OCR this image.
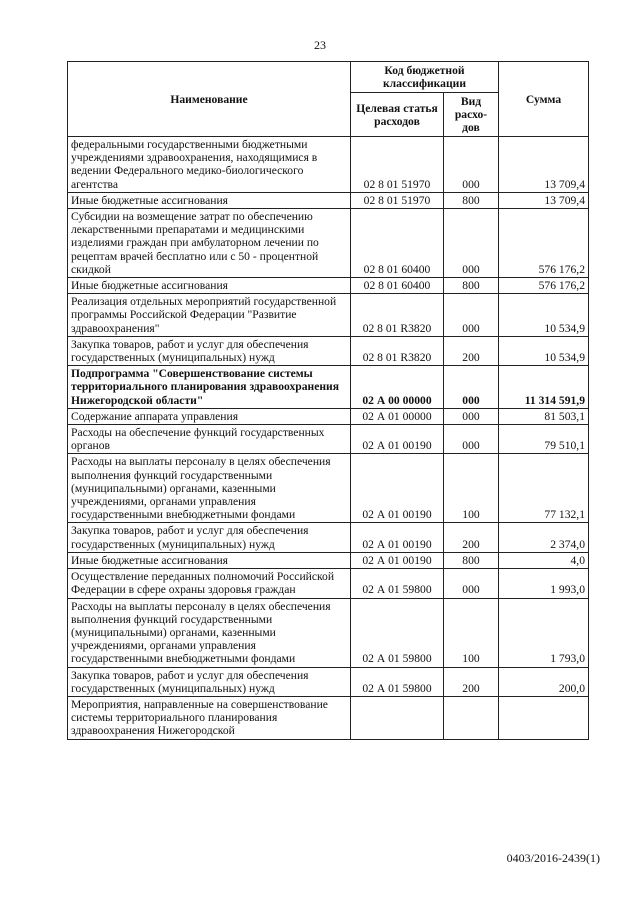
23
Наименование	Код бюджетной классификации		Сумма
	Целевая статья расходов	Вид расхо-дов	
федеральными государственными бюджетными учреждениями здравоохранения, находящимися в ведении Федерального медико-биологического агентства	02 8 01 51970	000	13 709,4
Иные бюджетные ассигнования	02 8 01 51970	800	13 709,4
Субсидии на возмещение затрат по обеспечению лекарственными препаратами и медицинскими изделиями граждан при амбулаторном лечении по рецептам врачей бесплатно или с 50 - процентной скидкой	02 8 01 60400	000	576 176,2
Иные бюджетные ассигнования	02 8 01 60400	800	576 176,2
Реализация отдельных мероприятий государственной программы Российской Федерации "Развитие здравоохранения"	02 8 01 R3820	000	10 534,9
Закупка товаров, работ и услуг для обеспечения государственных (муниципальных) нужд	02 8 01 R3820	200	10 534,9
Подпрограмма "Совершенствование системы территориального планирования здравоохранения Нижегородской области"	02 А 00 00000	000	11 314 591,9
Содержание аппарата управления	02 А 01 00000	000	81 503,1
Расходы на обеспечение функций государственных органов	02 А 01 00190	000	79 510,1
Расходы на выплаты персоналу в целях обеспечения выполнения функций государственными (муниципальными) органами, казенными учреждениями, органами управления государственными внебюджетными фондами	02 А 01 00190	100	77 132,1
Закупка товаров, работ и услуг для обеспечения государственных (муниципальных) нужд	02 А 01 00190	200	2 374,0
Иные бюджетные ассигнования	02 А 01 00190	800	4,0
Осуществление переданных полномочий Российской Федерации в сфере охраны здоровья граждан	02 А 01 59800	000	1 993,0
Расходы на выплаты персоналу в целях обеспечения выполнения функций государственными (муниципальными) органами, казенными учреждениями, органами управления государственными внебюджетными фондами	02 А 01 59800	100	1 793,0
Закупка товаров, работ и услуг для обеспечения государственных (муниципальных) нужд	02 А 01 59800	200	200,0
Мероприятия, направленные на совершенствование системы территориального планирования здравоохранения Нижегородской			
0403/2016-2439(1)
